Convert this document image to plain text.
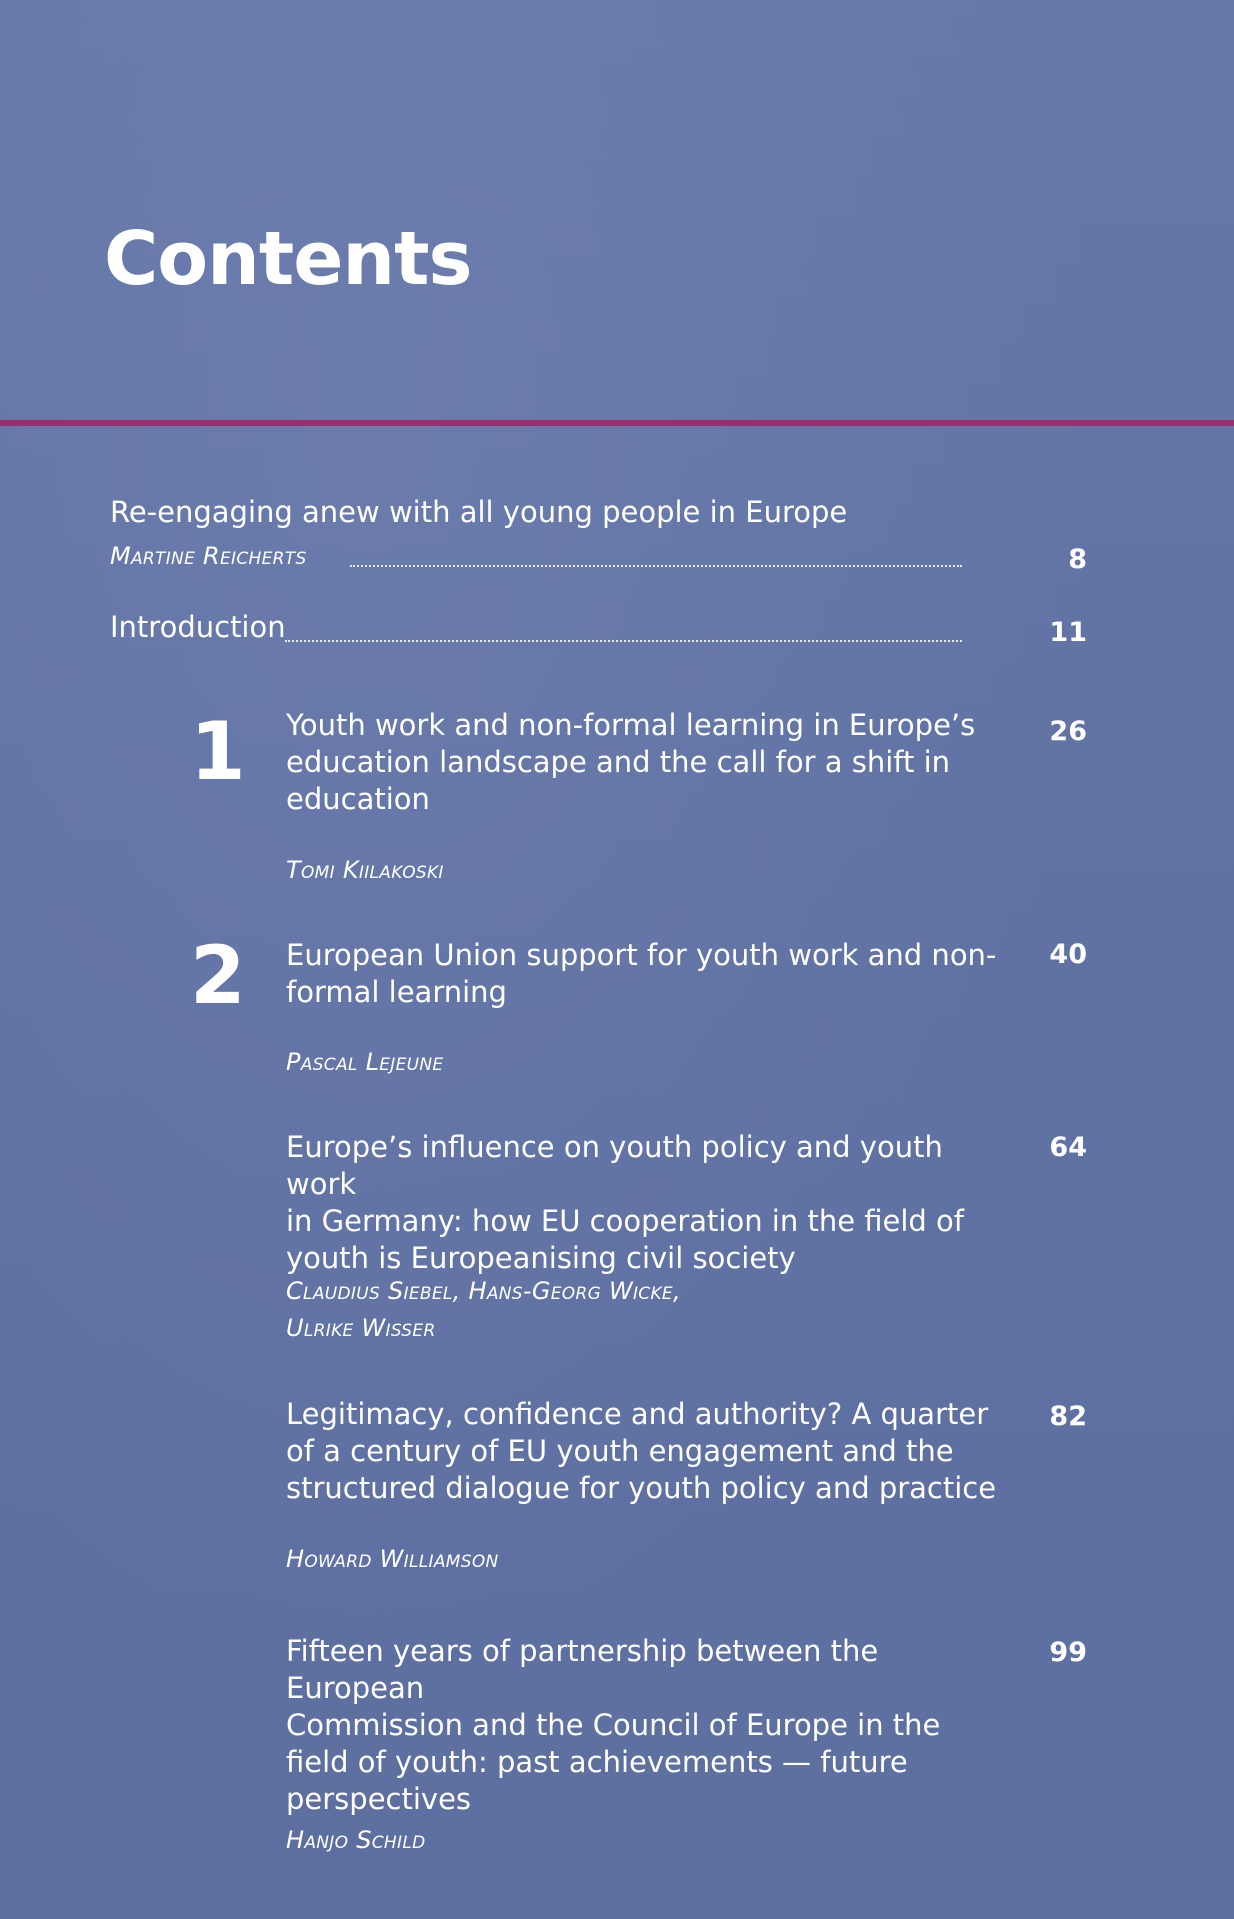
Contents
Re-engaging anew with all young people in Europe
Martine Reicherts	8
Introduction	11
1 Youth work and non-formal learning in Europe’s
education landscape and the call for a shift in
education
Tomi Kiilakoski
26
2 European Union support for youth work and non-
formal learning
Pascal Lejeune
40
Europe’s influence on youth policy and youth work
in Germany: how EU cooperation in the field of
youth is Europeanising civil society
Claudius Siebel, Hans-Georg Wicke,
Ulrike Wisser
64
Legitimacy, confidence and authority? A quarter
of a century of EU youth engagement and the
structured dialogue for youth policy and practice
Howard Williamson
82
Fifteen years of partnership between the European
Commission and the Council of Europe in the
field of youth: past achievements — future
perspectives
Hanjo Schild
99
